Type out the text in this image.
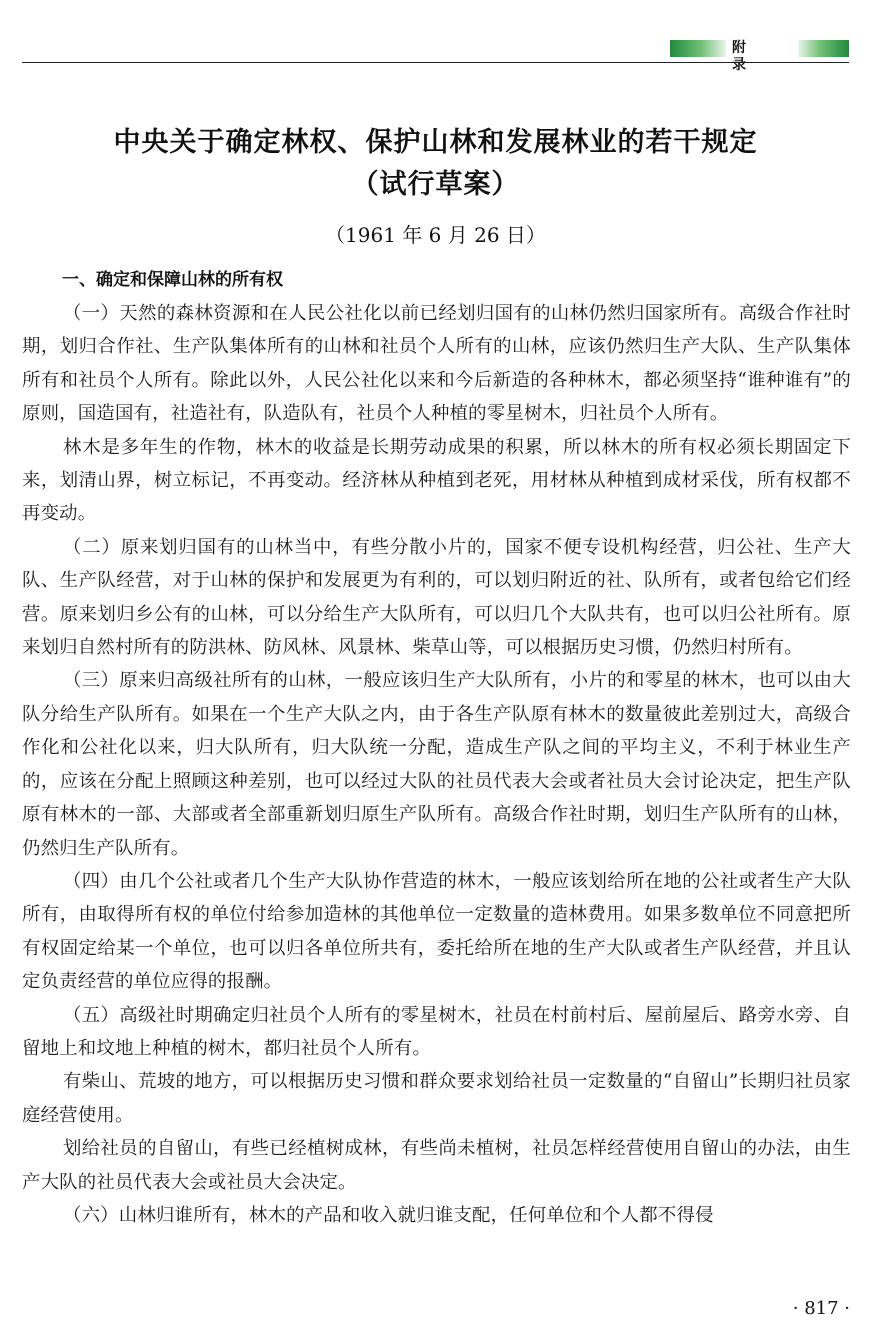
附　录
中央关于确定林权、保护山林和发展林业的若干规定
（试行草案）
（1961 年 6 月 26 日）
一、确定和保障山林的所有权

（一）天然的森林资源和在人民公社化以前已经划归国有的山林仍然归国家所有。高级合作社时期，划归合作社、生产队集体所有的山林和社员个人所有的山林，应该仍然归生产大队、生产队集体所有和社员个人所有。除此以外，人民公社化以来和今后新造的各种林木，都必须坚持“谁种谁有”的原则，国造国有，社造社有，队造队有，社员个人种植的零星树木，归社员个人所有。

林木是多年生的作物，林木的收益是长期劳动成果的积累，所以林木的所有权必须长期固定下来，划清山界，树立标记，不再变动。经济林从种植到老死，用材林从种植到成材采伐，所有权都不再变动。

（二）原来划归国有的山林当中，有些分散小片的，国家不便专设机构经营，归公社、生产大队、生产队经营，对于山林的保护和发展更为有利的，可以划归附近的社、队所有，或者包给它们经营。原来划归乡公有的山林，可以分给生产大队所有，可以归几个大队共有，也可以归公社所有。原来划归自然村所有的防洪林、防风林、风景林、柴草山等，可以根据历史习惯，仍然归村所有。

（三）原来归高级社所有的山林，一般应该归生产大队所有，小片的和零星的林木，也可以由大队分给生产队所有。如果在一个生产大队之内，由于各生产队原有林木的数量彼此差别过大，高级合作化和公社化以来，归大队所有，归大队统一分配，造成生产队之间的平均主义，不利于林业生产的，应该在分配上照顾这种差别，也可以经过大队的社员代表大会或者社员大会讨论决定，把生产队原有林木的一部、大部或者全部重新划归原生产队所有。高级合作社时期，划归生产队所有的山林，仍然归生产队所有。

（四）由几个公社或者几个生产大队协作营造的林木，一般应该划给所在地的公社或者生产大队所有，由取得所有权的单位付给参加造林的其他单位一定数量的造林费用。如果多数单位不同意把所有权固定给某一个单位，也可以归各单位所共有，委托给所在地的生产大队或者生产队经营，并且认定负责经营的单位应得的报酬。

（五）高级社时期确定归社员个人所有的零星树木，社员在村前村后、屋前屋后、路旁水旁、自留地上和坟地上种植的树木，都归社员个人所有。

有柴山、荒坡的地方，可以根据历史习惯和群众要求划给社员一定数量的“自留山”长期归社员家庭经营使用。

划给社员的自留山，有些已经植树成林，有些尚未植树，社员怎样经营使用自留山的办法，由生产大队的社员代表大会或社员大会决定。

（六）山林归谁所有，林木的产品和收入就归谁支配，任何单位和个人都不得侵

· 817 ·
